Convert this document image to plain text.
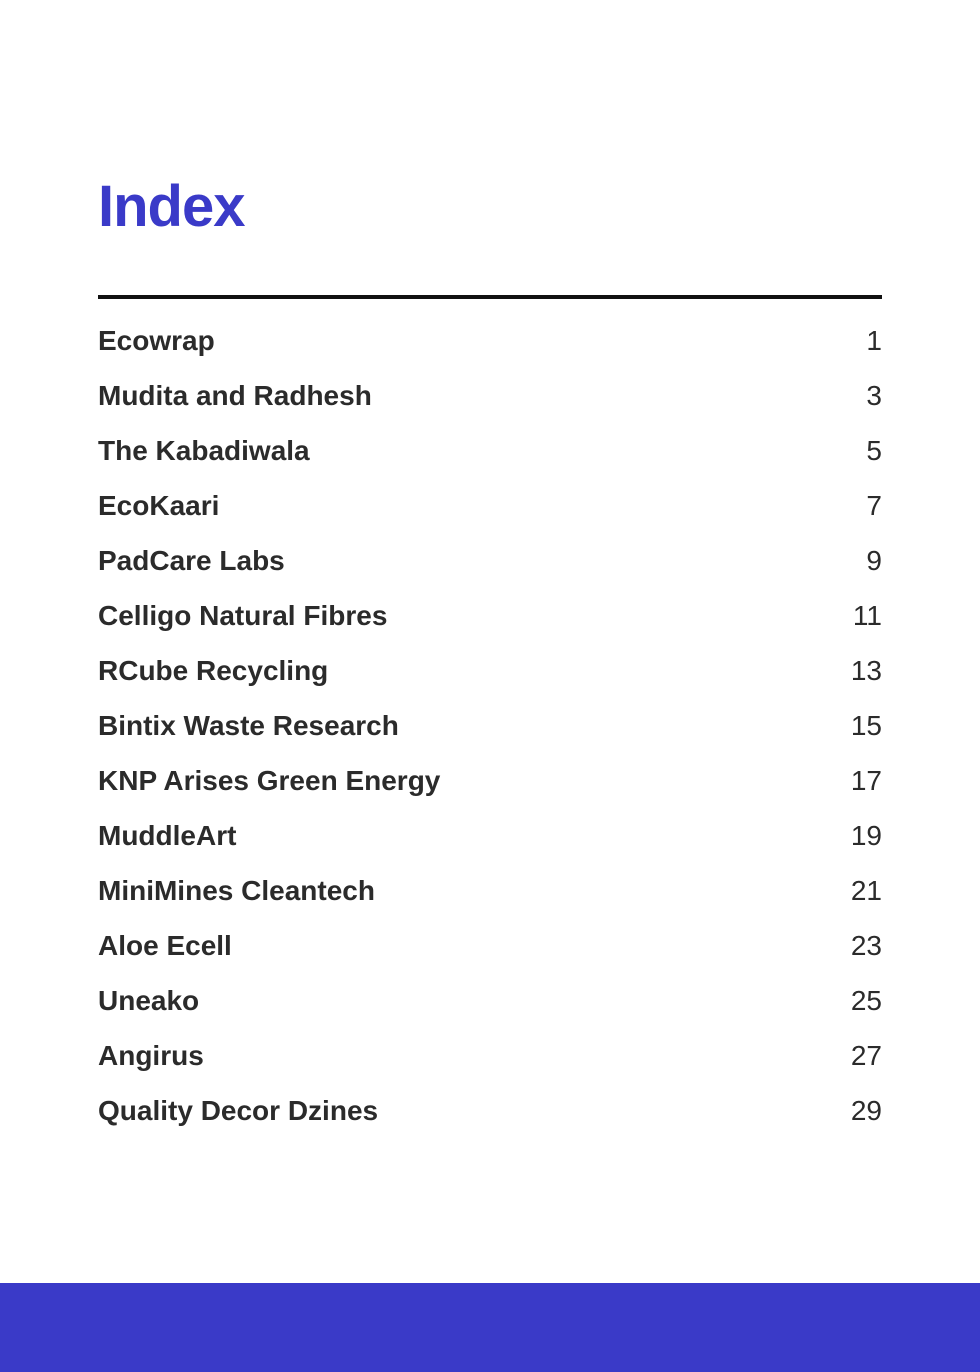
Index
Ecowrap	1
Mudita and Radhesh	3
The Kabadiwala	5
EcoKaari	7
PadCare Labs	9
Celligo Natural Fibres	11
RCube Recycling	13
Bintix Waste Research	15
KNP Arises Green Energy	17
MuddleArt	19
MiniMines Cleantech	21
Aloe Ecell	23
Uneako	25
Angirus	27
Quality Decor Dzines	29
